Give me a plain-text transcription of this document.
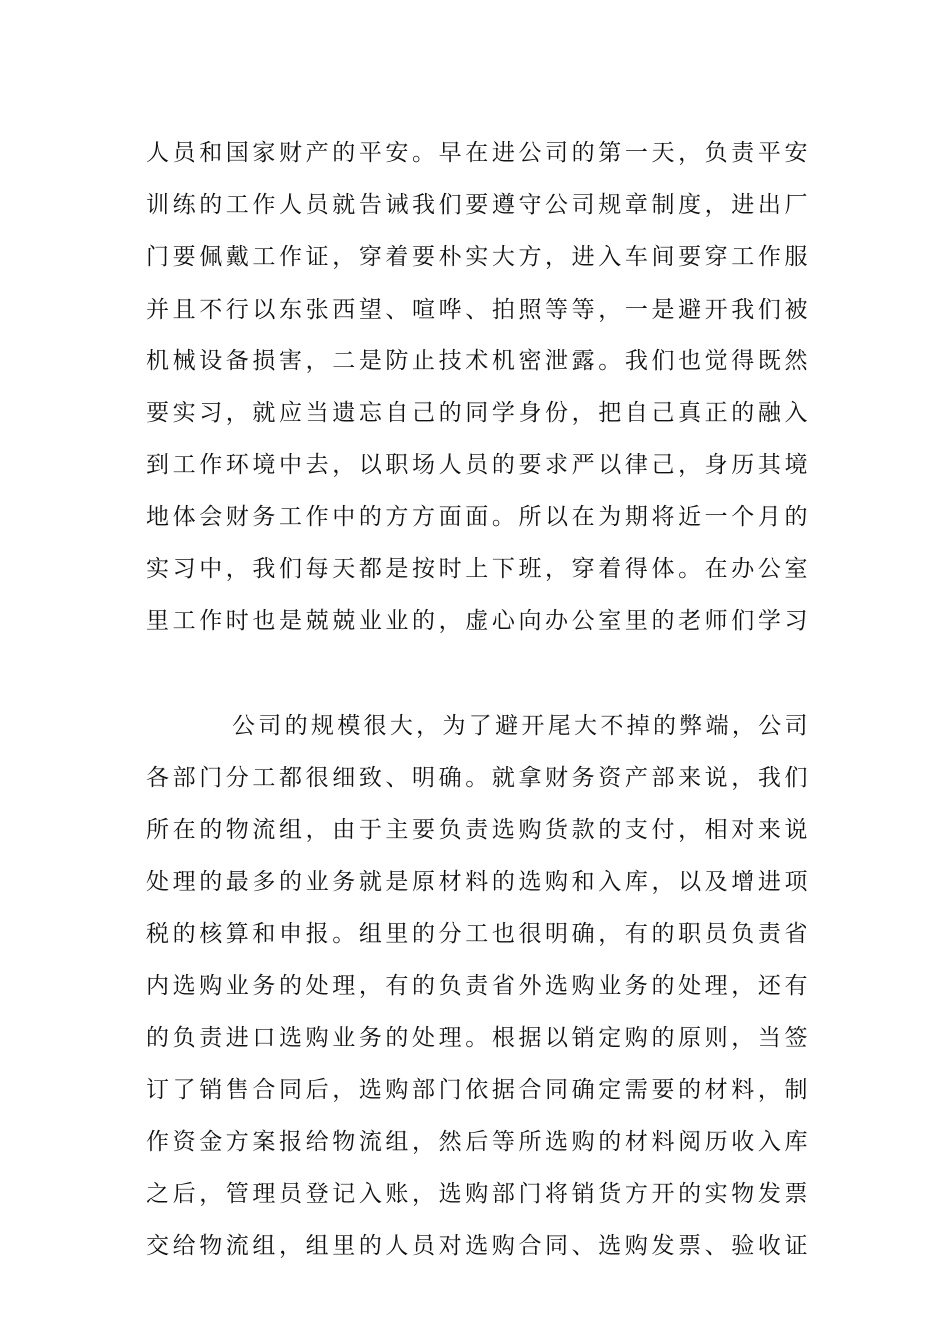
人员和国家财产的平安。早在进公司的第一天，负责平安
训练的工作人员就告诫我们要遵守公司规章制度，进出厂
门要佩戴工作证，穿着要朴实大方，进入车间要穿工作服
并且不行以东张西望、喧哗、拍照等等，一是避开我们被
机械设备损害，二是防止技术机密泄露。我们也觉得既然
要实习，就应当遗忘自己的同学身份，把自己真正的融入
到工作环境中去，以职场人员的要求严以律己，身历其境
地体会财务工作中的方方面面。所以在为期将近一个月的
实习中，我们每天都是按时上下班，穿着得体。在办公室
里工作时也是兢兢业业的，虚心向办公室里的老师们学习
公司的规模很大，为了避开尾大不掉的弊端，公司
各部门分工都很细致、明确。就拿财务资产部来说，我们
所在的物流组，由于主要负责选购货款的支付，相对来说
处理的最多的业务就是原材料的选购和入库，以及增进项
税的核算和申报。组里的分工也很明确，有的职员负责省
内选购业务的处理，有的负责省外选购业务的处理，还有
的负责进口选购业务的处理。根据以销定购的原则，当签
订了销售合同后，选购部门依据合同确定需要的材料，制
作资金方案报给物流组，然后等所选购的材料阅历收入库
之后，管理员登记入账，选购部门将销货方开的实物发票
交给物流组，组里的人员对选购合同、选购发票、验收证
